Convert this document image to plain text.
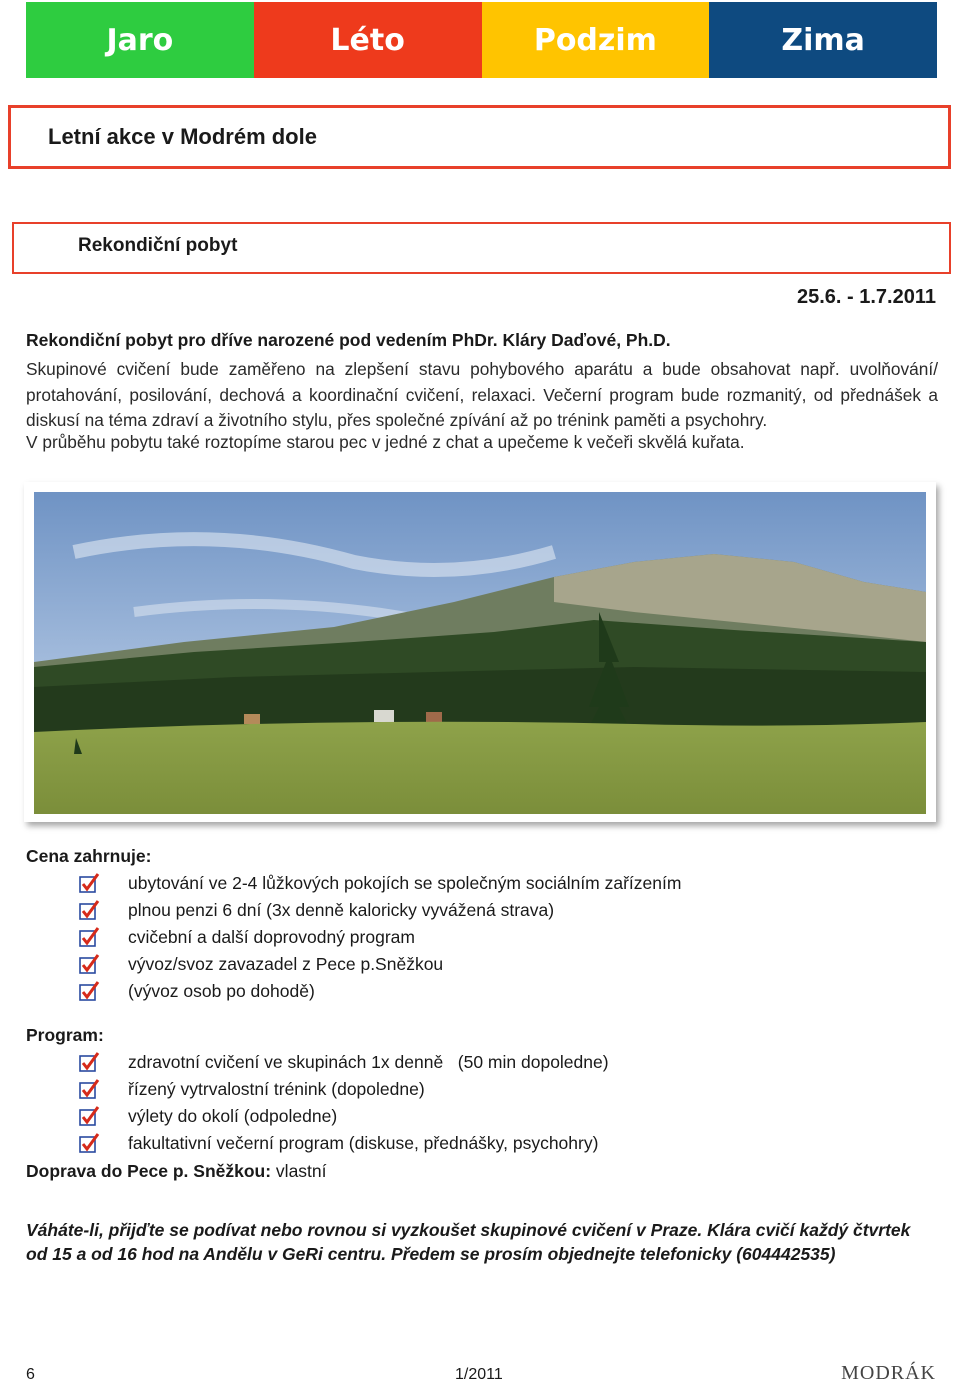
Jaro	Léto	Podzim	Zima
Letní akce v Modrém dole
Rekondiční pobyt
25.6. - 1.7.2011
Rekondiční pobyt pro dříve narozené pod vedením PhDr. Kláry Daďové, Ph.D.

Skupinové cvičení bude zaměřeno na zlepšení stavu pohybového aparátu a bude obsahovat např. uvolňování/ protahování, posilování, dechová a koordinační cvičení, relaxaci. Večerní program bude rozmanitý, od přednášek a diskusí na téma zdraví a životního stylu, přes společné zpívání až po trénink paměti a psychohry.

V průběhu pobytu také roztopíme starou pec v jedné z chat a upečeme k večeři skvělá kuřata.
Cena zahrnuje:
ubytování ve 2-4 lůžkových pokojích se společným sociálním zařízením
plnou penzi 6 dní (3x denně kaloricky vyvážená strava)
cvičební a další doprovodný program
vývoz/svoz zavazadel z Pece p.Sněžkou
(vývoz osob po dohodě)
Program:
zdravotní cvičení ve skupinách 1x denně   (50 min dopoledne)
řízený vytrvalostní trénink (dopoledne)
výlety do okolí (odpoledne)
fakultativní večerní program (diskuse, přednášky, psychohry)
Doprava do Pece p. Sněžkou: vlastní
Váháte-li, přijďte se podívat nebo rovnou si vyzkoušet skupinové cvičení v Praze. Klára cvičí každý čtvrtek od 15 a od 16 hod na Andělu v GeRi centru. Předem se prosím objednejte telefonicky (604442535)
6	1/2011	MODRÁK
